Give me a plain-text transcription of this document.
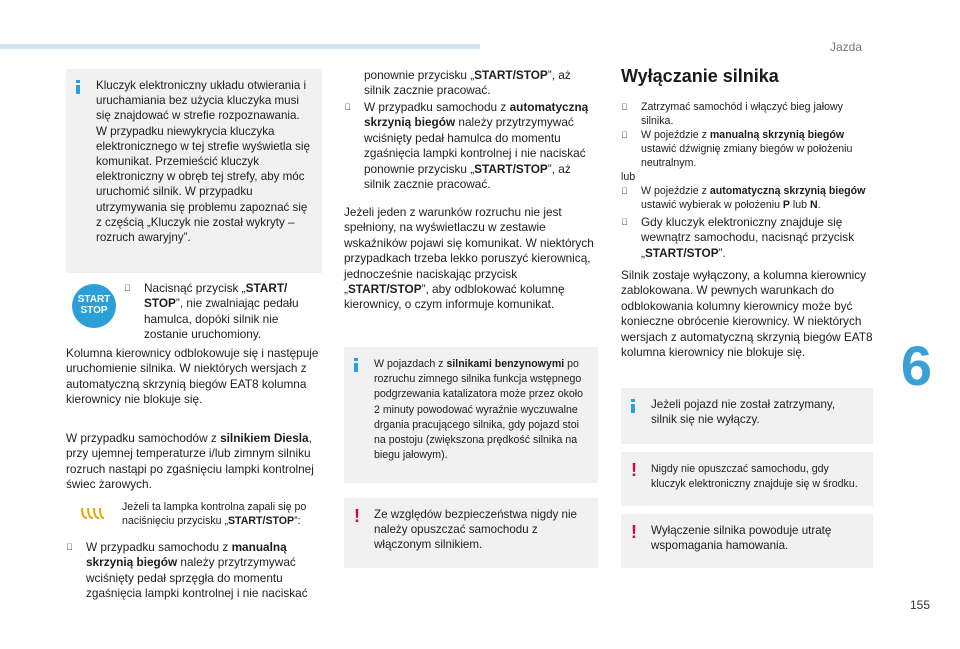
Jazda
6
155
Kluczyk elektroniczny układu otwierania i uruchamiania bez użycia kluczyka musi się znajdować w strefie rozpoznawania. W przypadku niewykrycia kluczyka elektronicznego w tej strefie wyświetla się komunikat. Przemieścić kluczyk elektroniczny w obręb tej strefy, aby móc uruchomić silnik. W przypadku utrzymywania się problemu zapoznać się z częścią „Kluczyk nie został wykryty – rozruch awaryjny”.
START STOP
Nacisnąć przycisk „START/ STOP”, nie zwalniając pedału hamulca, dopóki silnik nie zostanie uruchomiony.
Kolumna kierownicy odblokowuje się i następuje uruchomienie silnika. W niektórych wersjach z automatyczną skrzynią biegów EAT8 kolumna kierownicy nie blokuje się.
W przypadku samochodów z silnikiem Diesla, przy ujemnej temperaturze i/lub zimnym silniku rozruch nastąpi po zgaśnięciu lampki kontrolnej świec żarowych.
Jeżeli ta lampka kontrolna zapali się po naciśnięciu przycisku „START/STOP”:
W przypadku samochodu z manualną skrzynią biegów należy przytrzymywać wciśnięty pedał sprzęgła do momentu zgaśnięcia lampki kontrolnej i nie naciskać
ponownie przycisku „START/STOP”, aż silnik zacznie pracować.
W przypadku samochodu z automatyczną skrzynią biegów należy przytrzymywać wciśnięty pedał hamulca do momentu zgaśnięcia lampki kontrolnej i nie naciskać ponownie przycisku „START/STOP”, aż silnik zacznie pracować.
Jeżeli jeden z warunków rozruchu nie jest spełniony, na wyświetlaczu w zestawie wskaźników pojawi się komunikat. W niektórych przypadkach trzeba lekko poruszyć kierownicą, jednocześnie naciskając przycisk „START/STOP”, aby odblokować kolumnę kierownicy, o czym informuje komunikat.
W pojazdach z silnikami benzynowymi po rozruchu zimnego silnika funkcja wstępnego podgrzewania katalizatora może przez około 2 minuty powodować wyraźnie wyczuwalne drgania pracującego silnika, gdy pojazd stoi na postoju (zwiększona prędkość silnika na biegu jałowym).
! Ze względów bezpieczeństwa nigdy nie należy opuszczać samochodu z włączonym silnikiem.
Wyłączanie silnika
Zatrzymać samochód i włączyć bieg jałowy silnika.
W pojeździe z manualną skrzynią biegów ustawić dźwignię zmiany biegów w położeniu neutralnym.
lub
W pojeździe z automatyczną skrzynią biegów ustawić wybierak w położeniu P lub N.
Gdy kluczyk elektroniczny znajduje się wewnątrz samochodu, nacisnąć przycisk „START/STOP”.
Silnik zostaje wyłączony, a kolumna kierownicy zablokowana. W pewnych warunkach do odblokowania kolumny kierownicy może być konieczne obrócenie kierownicy. W niektórych wersjach z automatyczną skrzynią biegów EAT8 kolumna kierownicy nie blokuje się.
Jeżeli pojazd nie został zatrzymany, silnik się nie wyłączy.
! Nigdy nie opuszczać samochodu, gdy kluczyk elektroniczny znajduje się w środku.
! Wyłączenie silnika powoduje utratę wspomagania hamowania.
